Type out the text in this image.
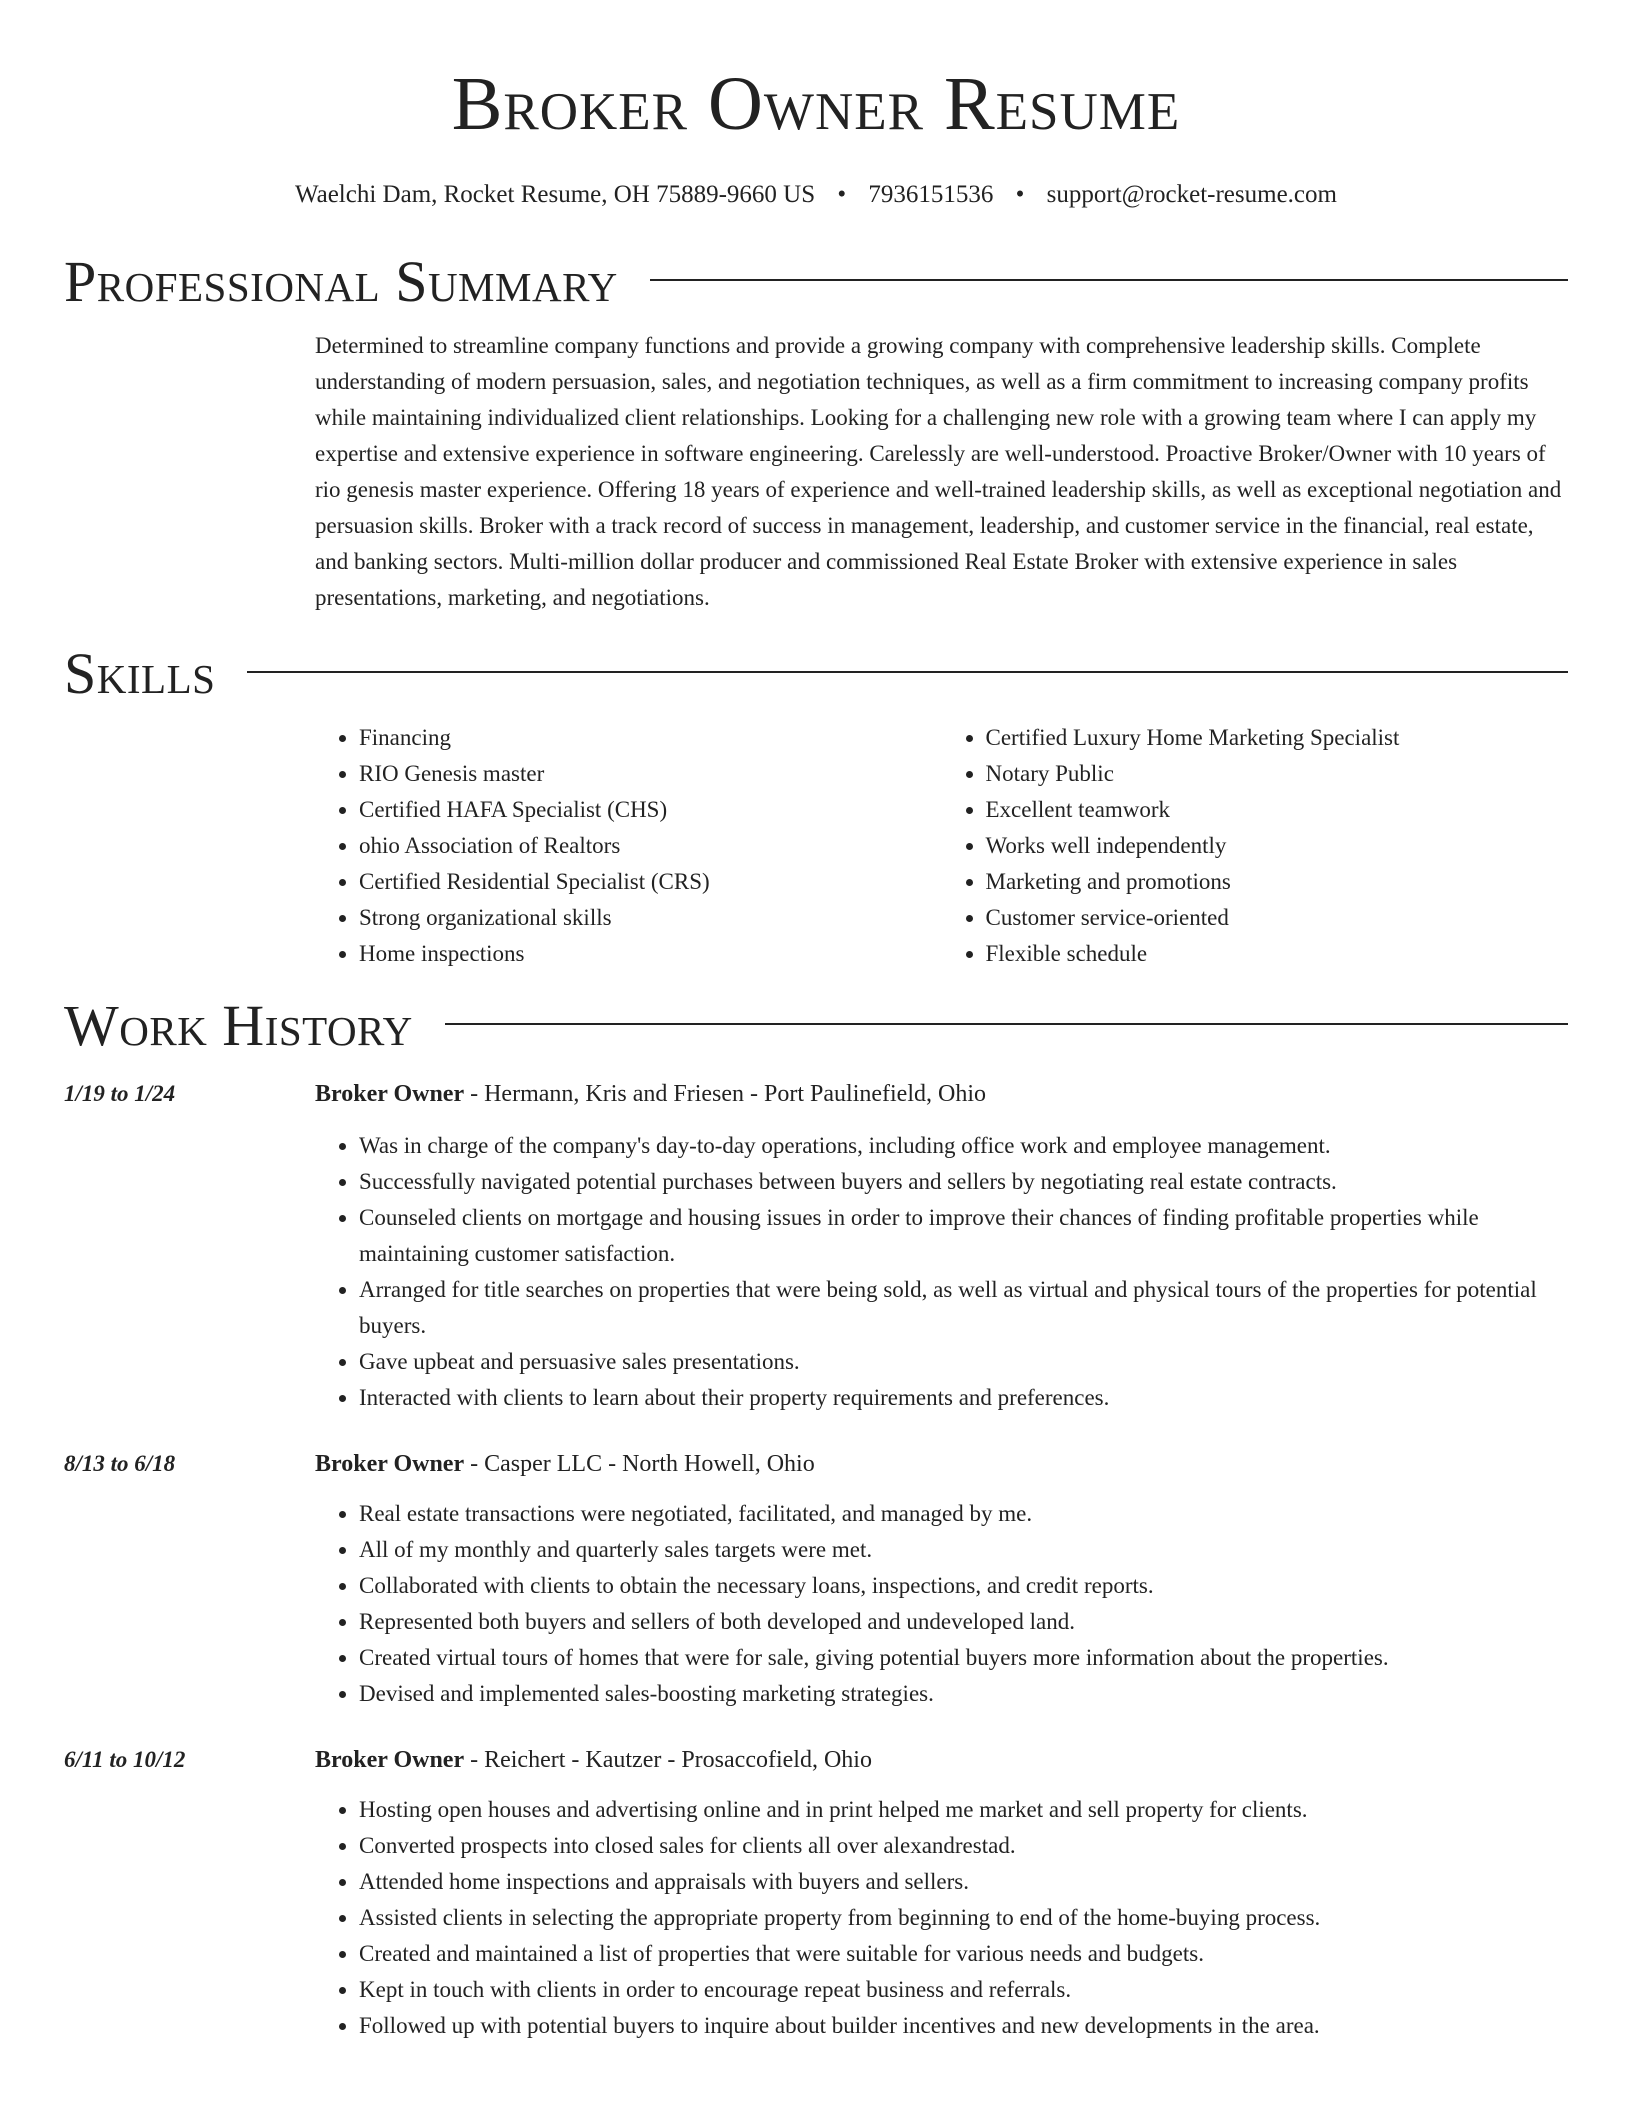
Broker Owner Resume
Waelchi Dam, Rocket Resume, OH 75889-9660 US • 7936151536 • support@rocket-resume.com
Professional Summary
Determined to streamline company functions and provide a growing company with comprehensive leadership skills. Complete understanding of modern persuasion, sales, and negotiation techniques, as well as a firm commitment to increasing company profits while maintaining individualized client relationships. Looking for a challenging new role with a growing team where I can apply my expertise and extensive experience in software engineering. Carelessly are well-understood. Proactive Broker/Owner with 10 years of rio genesis master experience. Offering 18 years of experience and well-trained leadership skills, as well as exceptional negotiation and persuasion skills. Broker with a track record of success in management, leadership, and customer service in the financial, real estate, and banking sectors. Multi-million dollar producer and commissioned Real Estate Broker with extensive experience in sales presentations, marketing, and negotiations.
Skills
• Financing
• RIO Genesis master
• Certified HAFA Specialist (CHS)
• ohio Association of Realtors
• Certified Residential Specialist (CRS)
• Strong organizational skills
• Home inspections
• Certified Luxury Home Marketing Specialist
• Notary Public
• Excellent teamwork
• Works well independently
• Marketing and promotions
• Customer service-oriented
• Flexible schedule
Work History
1/19 to 1/24	Broker Owner - Hermann, Kris and Friesen - Port Paulinefield, Ohio
• Was in charge of the company's day-to-day operations, including office work and employee management.
• Successfully navigated potential purchases between buyers and sellers by negotiating real estate contracts.
• Counseled clients on mortgage and housing issues in order to improve their chances of finding profitable properties while maintaining customer satisfaction.
• Arranged for title searches on properties that were being sold, as well as virtual and physical tours of the properties for potential buyers.
• Gave upbeat and persuasive sales presentations.
• Interacted with clients to learn about their property requirements and preferences.
8/13 to 6/18	Broker Owner - Casper LLC - North Howell, Ohio
• Real estate transactions were negotiated, facilitated, and managed by me.
• All of my monthly and quarterly sales targets were met.
• Collaborated with clients to obtain the necessary loans, inspections, and credit reports.
• Represented both buyers and sellers of both developed and undeveloped land.
• Created virtual tours of homes that were for sale, giving potential buyers more information about the properties.
• Devised and implemented sales-boosting marketing strategies.
6/11 to 10/12	Broker Owner - Reichert - Kautzer - Prosaccofield, Ohio
• Hosting open houses and advertising online and in print helped me market and sell property for clients.
• Converted prospects into closed sales for clients all over alexandrestad.
• Attended home inspections and appraisals with buyers and sellers.
• Assisted clients in selecting the appropriate property from beginning to end of the home-buying process.
• Created and maintained a list of properties that were suitable for various needs and budgets.
• Kept in touch with clients in order to encourage repeat business and referrals.
• Followed up with potential buyers to inquire about builder incentives and new developments in the area.
